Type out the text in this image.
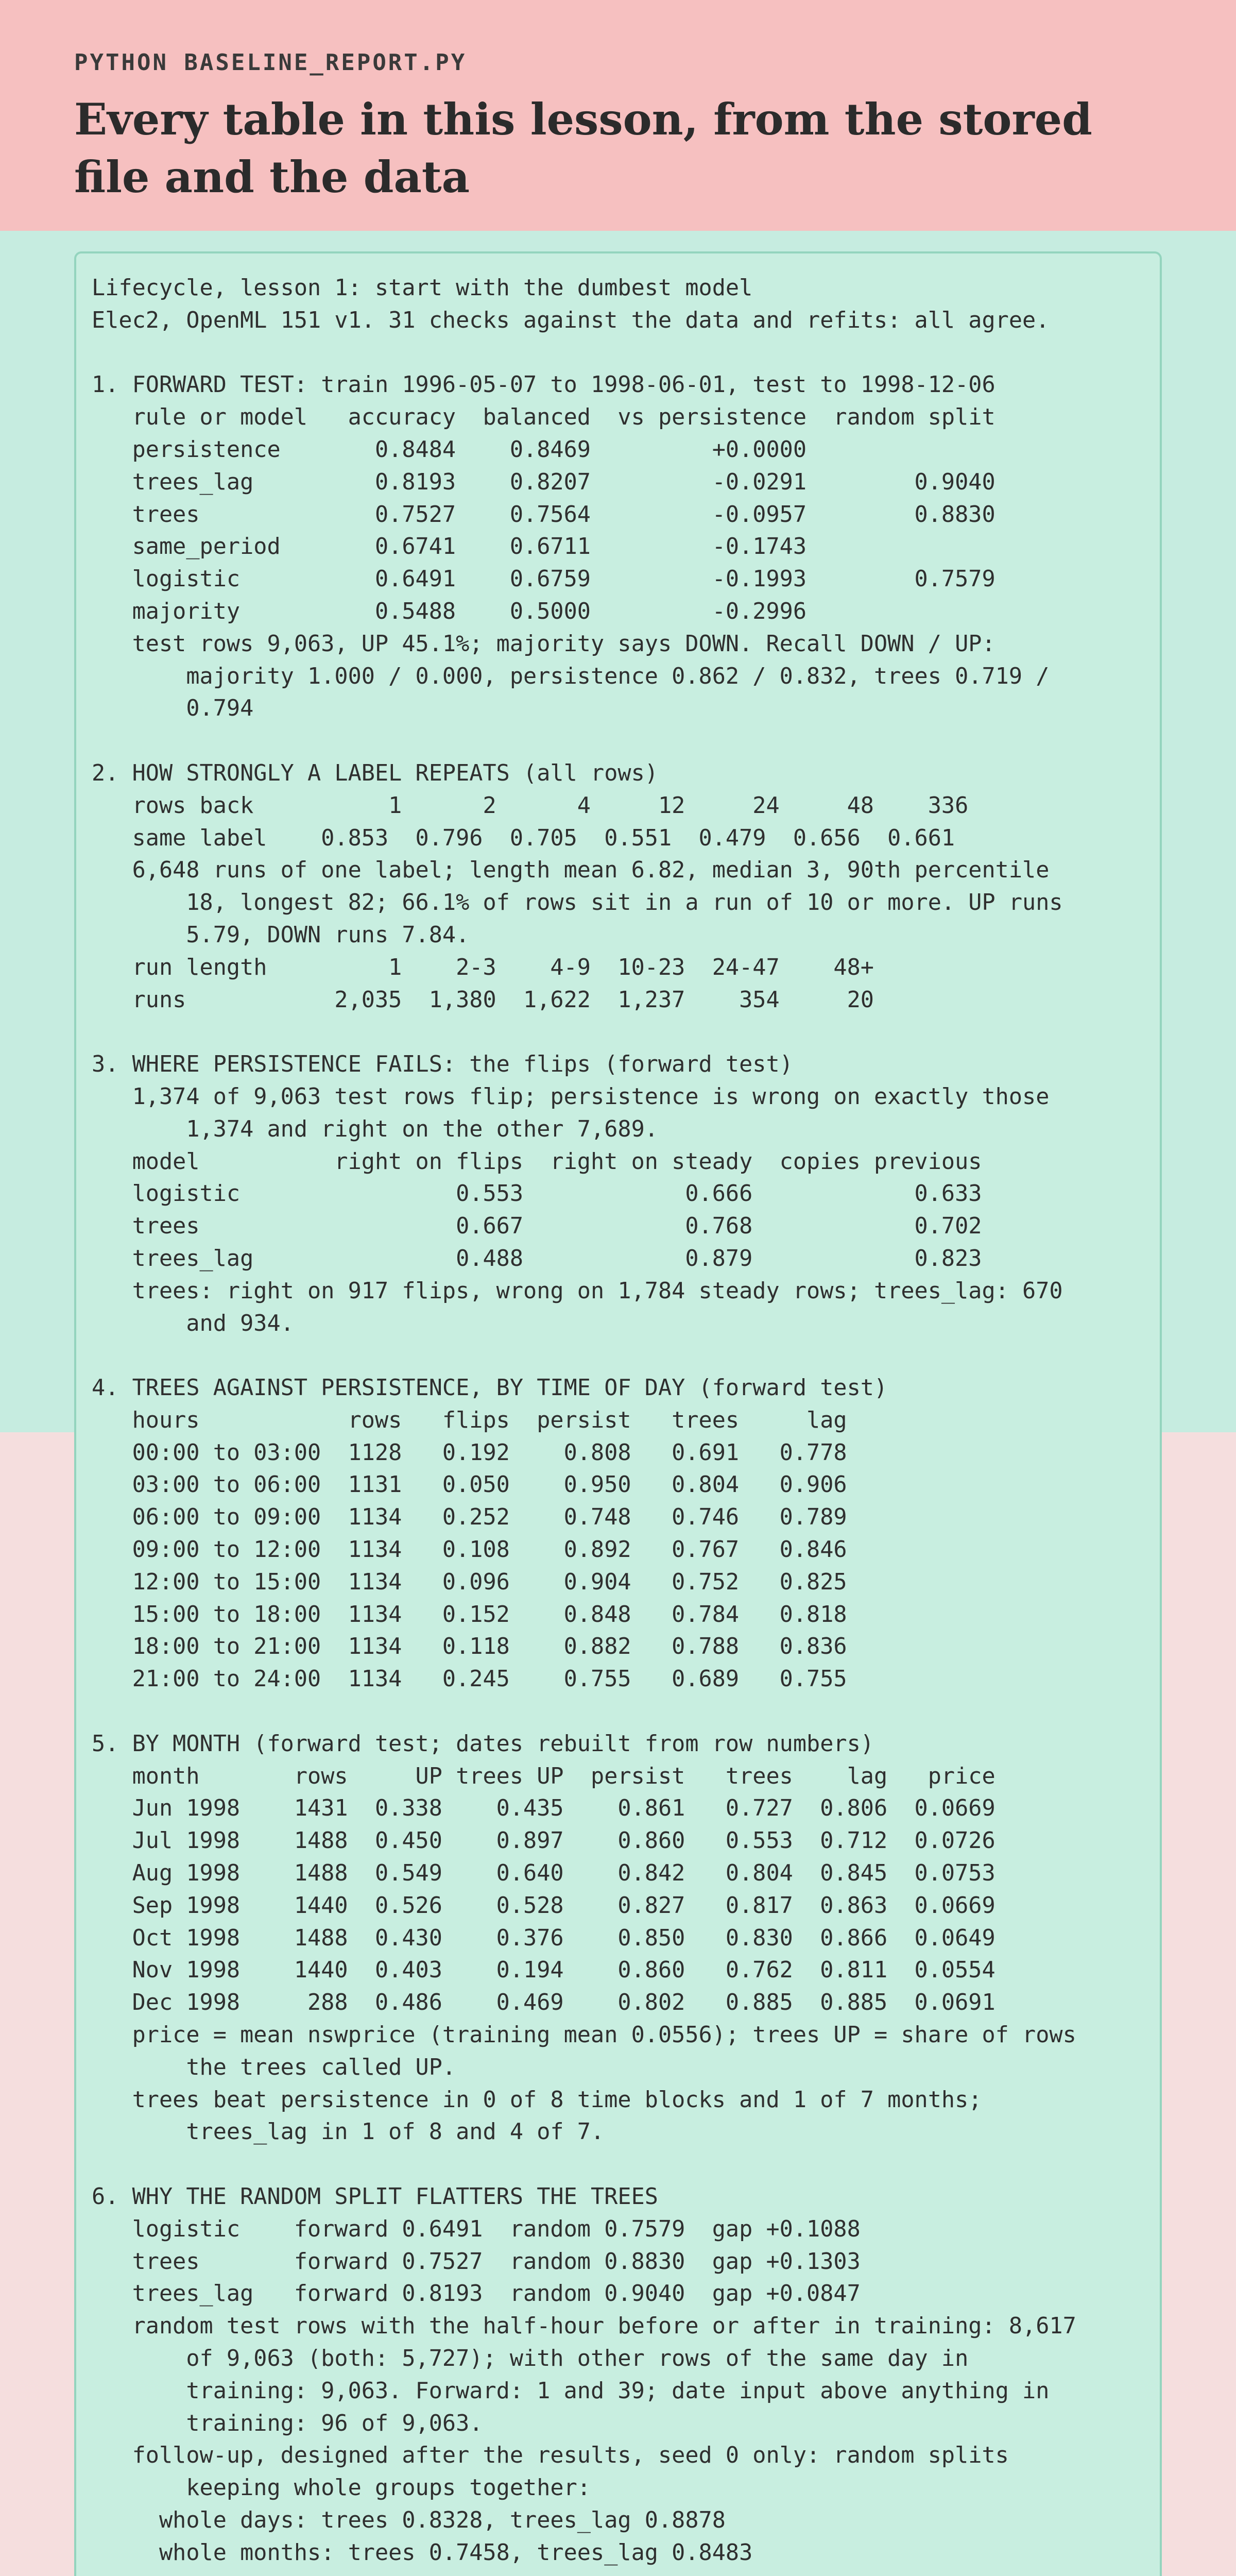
PYTHON BASELINE_REPORT.PY
Every table in this lesson, from the stored file and the data
Lifecycle, lesson 1: start with the dumbest model
Elec2, OpenML 151 v1. 31 checks against the data and refits: all agree.

1. FORWARD TEST: train 1996-05-07 to 1998-06-01, test to 1998-12-06
rule or model   accuracy  balanced  vs persistence  random split
persistence       0.8484    0.8469         +0.0000
trees_lag         0.8193    0.8207         -0.0291        0.9040
trees             0.7527    0.7564         -0.0957        0.8830
same_period       0.6741    0.6711         -0.1743
logistic          0.6491    0.6759         -0.1993        0.7579
majority          0.5488    0.5000         -0.2996
test rows 9,063, UP 45.1%; majority says DOWN. Recall DOWN / UP:
majority 1.000 / 0.000, persistence 0.862 / 0.832, trees 0.719 /
0.794

2. HOW STRONGLY A LABEL REPEATS (all rows)
rows back          1      2      4     12     24     48    336
same label    0.853  0.796  0.705  0.551  0.479  0.656  0.661
6,648 runs of one label; length mean 6.82, median 3, 90th percentile
18, longest 82; 66.1% of rows sit in a run of 10 or more. UP runs
5.79, DOWN runs 7.84.
run length         1    2-3    4-9  10-23  24-47    48+
runs           2,035  1,380  1,622  1,237    354     20

3. WHERE PERSISTENCE FAILS: the flips (forward test)
1,374 of 9,063 test rows flip; persistence is wrong on exactly those
1,374 and right on the other 7,689.
model          right on flips  right on steady  copies previous
logistic                0.553            0.666            0.633
trees                   0.667            0.768            0.702
trees_lag               0.488            0.879            0.823
trees: right on 917 flips, wrong on 1,784 steady rows; trees_lag: 670
and 934.

4. TREES AGAINST PERSISTENCE, BY TIME OF DAY (forward test)
hours           rows   flips  persist   trees     lag
00:00 to 03:00  1128   0.192    0.808   0.691   0.778
03:00 to 06:00  1131   0.050    0.950   0.804   0.906
06:00 to 09:00  1134   0.252    0.748   0.746   0.789
09:00 to 12:00  1134   0.108    0.892   0.767   0.846
12:00 to 15:00  1134   0.096    0.904   0.752   0.825
15:00 to 18:00  1134   0.152    0.848   0.784   0.818
18:00 to 21:00  1134   0.118    0.882   0.788   0.836
21:00 to 24:00  1134   0.245    0.755   0.689   0.755

5. BY MONTH (forward test; dates rebuilt from row numbers)
month       rows     UP trees UP  persist   trees    lag   price
Jun 1998    1431  0.338    0.435    0.861   0.727  0.806  0.0669
Jul 1998    1488  0.450    0.897    0.860   0.553  0.712  0.0726
Aug 1998    1488  0.549    0.640    0.842   0.804  0.845  0.0753
Sep 1998    1440  0.526    0.528    0.827   0.817  0.863  0.0669
Oct 1998    1488  0.430    0.376    0.850   0.830  0.866  0.0649
Nov 1998    1440  0.403    0.194    0.860   0.762  0.811  0.0554
Dec 1998     288  0.486    0.469    0.802   0.885  0.885  0.0691
price = mean nswprice (training mean 0.0556); trees UP = share of rows
the trees called UP.
trees beat persistence in 0 of 8 time blocks and 1 of 7 months;
trees_lag in 1 of 8 and 4 of 7.

6. WHY THE RANDOM SPLIT FLATTERS THE TREES
logistic    forward 0.6491  random 0.7579  gap +0.1088
trees       forward 0.7527  random 0.8830  gap +0.1303
trees_lag   forward 0.8193  random 0.9040  gap +0.0847
random test rows with the half-hour before or after in training: 8,617
of 9,063 (both: 5,727); with other rows of the same day in
training: 9,063. Forward: 1 and 39; date input above anything in
training: 96 of 9,063.
follow-up, designed after the results, seed 0 only: random splits
keeping whole groups together:
whole days: trees 0.8328, trees_lag 0.8878
whole months: trees 0.7458, trees_lag 0.8483
